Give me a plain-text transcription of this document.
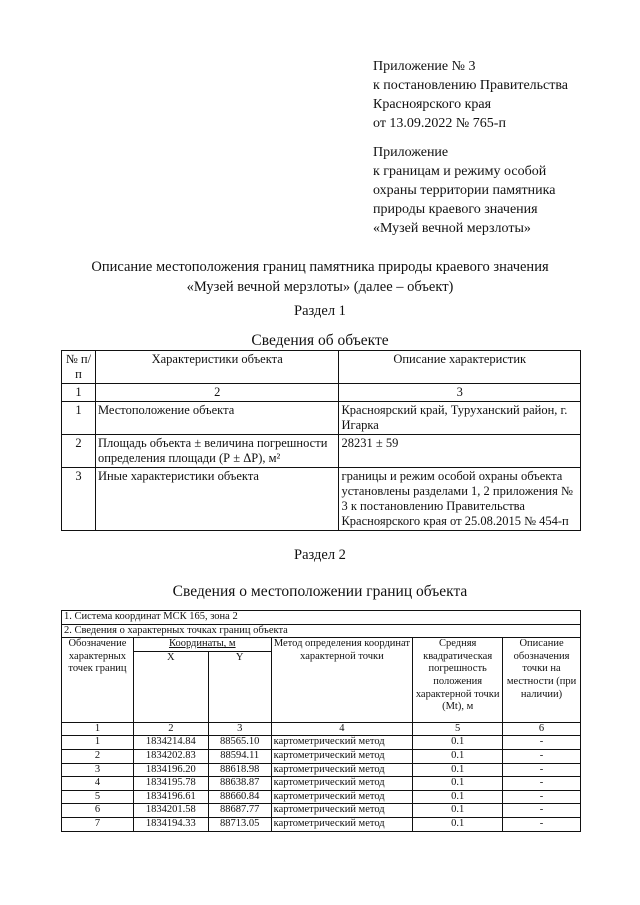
Приложение № 3
к постановлению Правительства
Красноярского края
от 13.09.2022 № 765-п
Приложение
к границам и режиму особой
охраны территории памятника
природы краевого значения
«Музей вечной мерзлоты»
Описание местоположения границ памятника природы краевого значения
«Музей вечной мерзлоты» (далее – объект)
Раздел 1
Сведения об объекте
№ п/п	Характеристики объекта	Описание характеристик
1	2	3
1	Местоположение объекта	Красноярский край, Туруханский район, г. Игарка
2	Площадь объекта ± величина погрешности определения площади (Р ± ΔР), м²	28231 ± 59
3	Иные характеристики объекта	границы и режим особой охраны объекта установлены разделами 1, 2 приложения № 3 к постановлению Правительства Красноярского края от 25.08.2015 № 454-п
Раздел 2
Сведения о местоположении границ объекта
1. Система координат МСК 165, зона 2					
2. Сведения о характерных точках границ объекта					
Обозначение характерных точек границ	Координаты, м		Метод определения координат характерной точки	Средняя квадратическая погрешность положения характерной точки (Mt), м	Описание обозначения точки на местности (при наличии)
	X	Y			
1	2	3	4	5	6
1	1834214.84	88565.10	картометрический метод	0.1	-
2	1834202.83	88594.11	картометрический метод	0.1	-
3	1834196.20	88618.98	картометрический метод	0.1	-
4	1834195.78	88638.87	картометрический метод	0.1	-
5	1834196.61	88660.84	картометрический метод	0.1	-
6	1834201.58	88687.77	картометрический метод	0.1	-
7	1834194.33	88713.05	картометрический метод	0.1	-
